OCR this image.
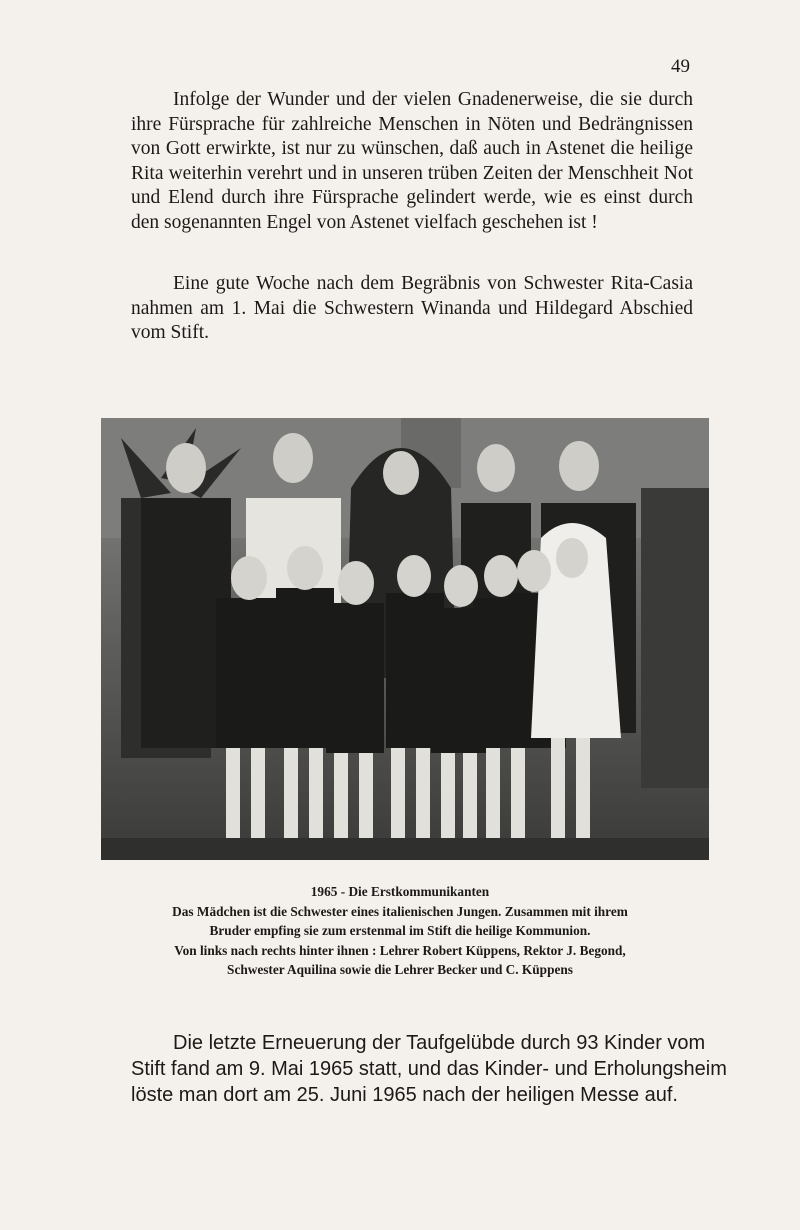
49

Infolge der Wunder und der vielen Gnadenerweise, die sie durch ihre Fürsprache für zahlreiche Menschen in Nöten und Bedrängnissen von Gott erwirkte, ist nur zu wünschen, daß auch in Astenet die heilige Rita weiterhin verehrt und in unseren trüben Zeiten der Menschheit Not und Elend durch ihre Fürsprache gelindert werde, wie es einst durch den sogenannten Engel von Astenet vielfach geschehen ist !

Eine gute Woche nach dem Begräbnis von Schwester Rita-Casia nahmen am 1. Mai die Schwestern Winanda und Hildegard Abschied vom Stift.

1965 - Die Erstkommunikanten
Das Mädchen ist die Schwester eines italienischen Jungen. Zusammen mit ihrem
Bruder empfing sie zum erstenmal im Stift die heilige Kommunion.
Von links nach rechts hinter ihnen : Lehrer Robert Küppens, Rektor J. Begond,
Schwester Aquilina sowie die Lehrer Becker und C. Küppens
Die letzte Erneuerung der Taufgelübde durch 93 Kinder vom
Stift fand am 9. Mai 1965 statt, und das Kinder- und Erholungsheim
löste man dort am 25. Juni 1965 nach der heiligen Messe auf.
